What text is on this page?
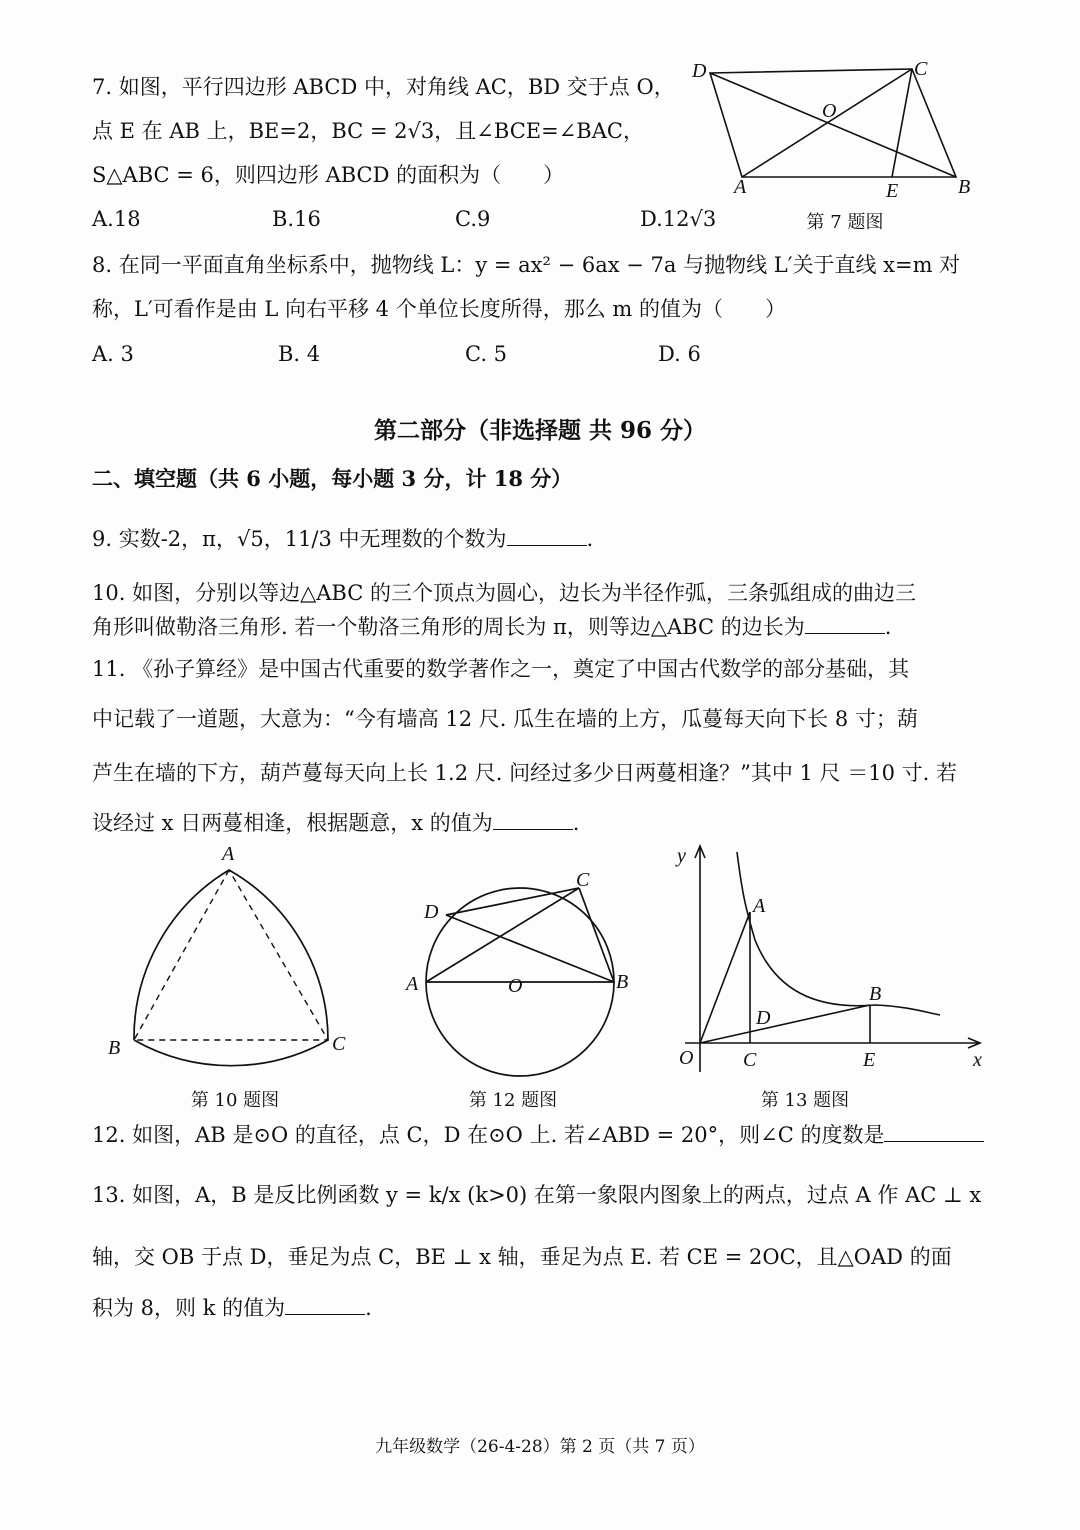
7. 如图，平行四边形 ABCD 中，对角线 AC，BD 交于点 O，
点 E 在 AB 上，BE=2，BC = 2√3，且∠BCE=∠BAC，
S△ABC = 6，则四边形 ABCD 的面积为（　　）
A.18	B.16	C.9	D.12√3	第 7 题图
D	C
O
A	E	B
8. 在同一平面直角坐标系中，抛物线 L：y = ax² − 6ax − 7a 与抛物线 L′关于直线 x=m 对
称，L′可看作是由 L 向右平移 4 个单位长度所得，那么 m 的值为（　　）
A. 3	B. 4	C. 5	D. 6
第二部分（非选择题 共 96 分）
二、填空题（共 6 小题，每小题 3 分，计 18 分）
9. 实数-2，π，√5，11/3 中无理数的个数为	.
10. 如图，分别以等边△ABC 的三个顶点为圆心，边长为半径作弧，三条弧组成的曲边三
角形叫做勒洛三角形. 若一个勒洛三角形的周长为 π，则等边△ABC 的边长为	.
11. 《孙子算经》是中国古代重要的数学著作之一，奠定了中国古代数学的部分基础，其
中记载了一道题，大意为：“今有墙高 12 尺. 瓜生在墙的上方，瓜蔓每天向下长 8 寸；葫
芦生在墙的下方，葫芦蔓每天向上长 1.2 尺. 问经过多少日两蔓相逢？”其中 1 尺 ＝10 寸. 若
设经过 x 日两蔓相逢，根据题意，x 的值为	.
A
B	C
第 10 题图
D
C
A	O	B
第 12 题图
y
x
O
A
B
C
D
E
第 13 题图
12. 如图，AB 是⊙O 的直径，点 C，D 在⊙O 上. 若∠ABD = 20°，则∠C 的度数是
13. 如图，A，B 是反比例函数 y = k/x (k>0) 在第一象限内图象上的两点，过点 A 作 AC ⊥ x
轴，交 OB 于点 D，垂足为点 C，BE ⊥ x 轴，垂足为点 E. 若 CE = 2OC，且△OAD 的面
积为 8，则 k 的值为	.
九年级数学（26-4-28）第 2 页（共 7 页）
